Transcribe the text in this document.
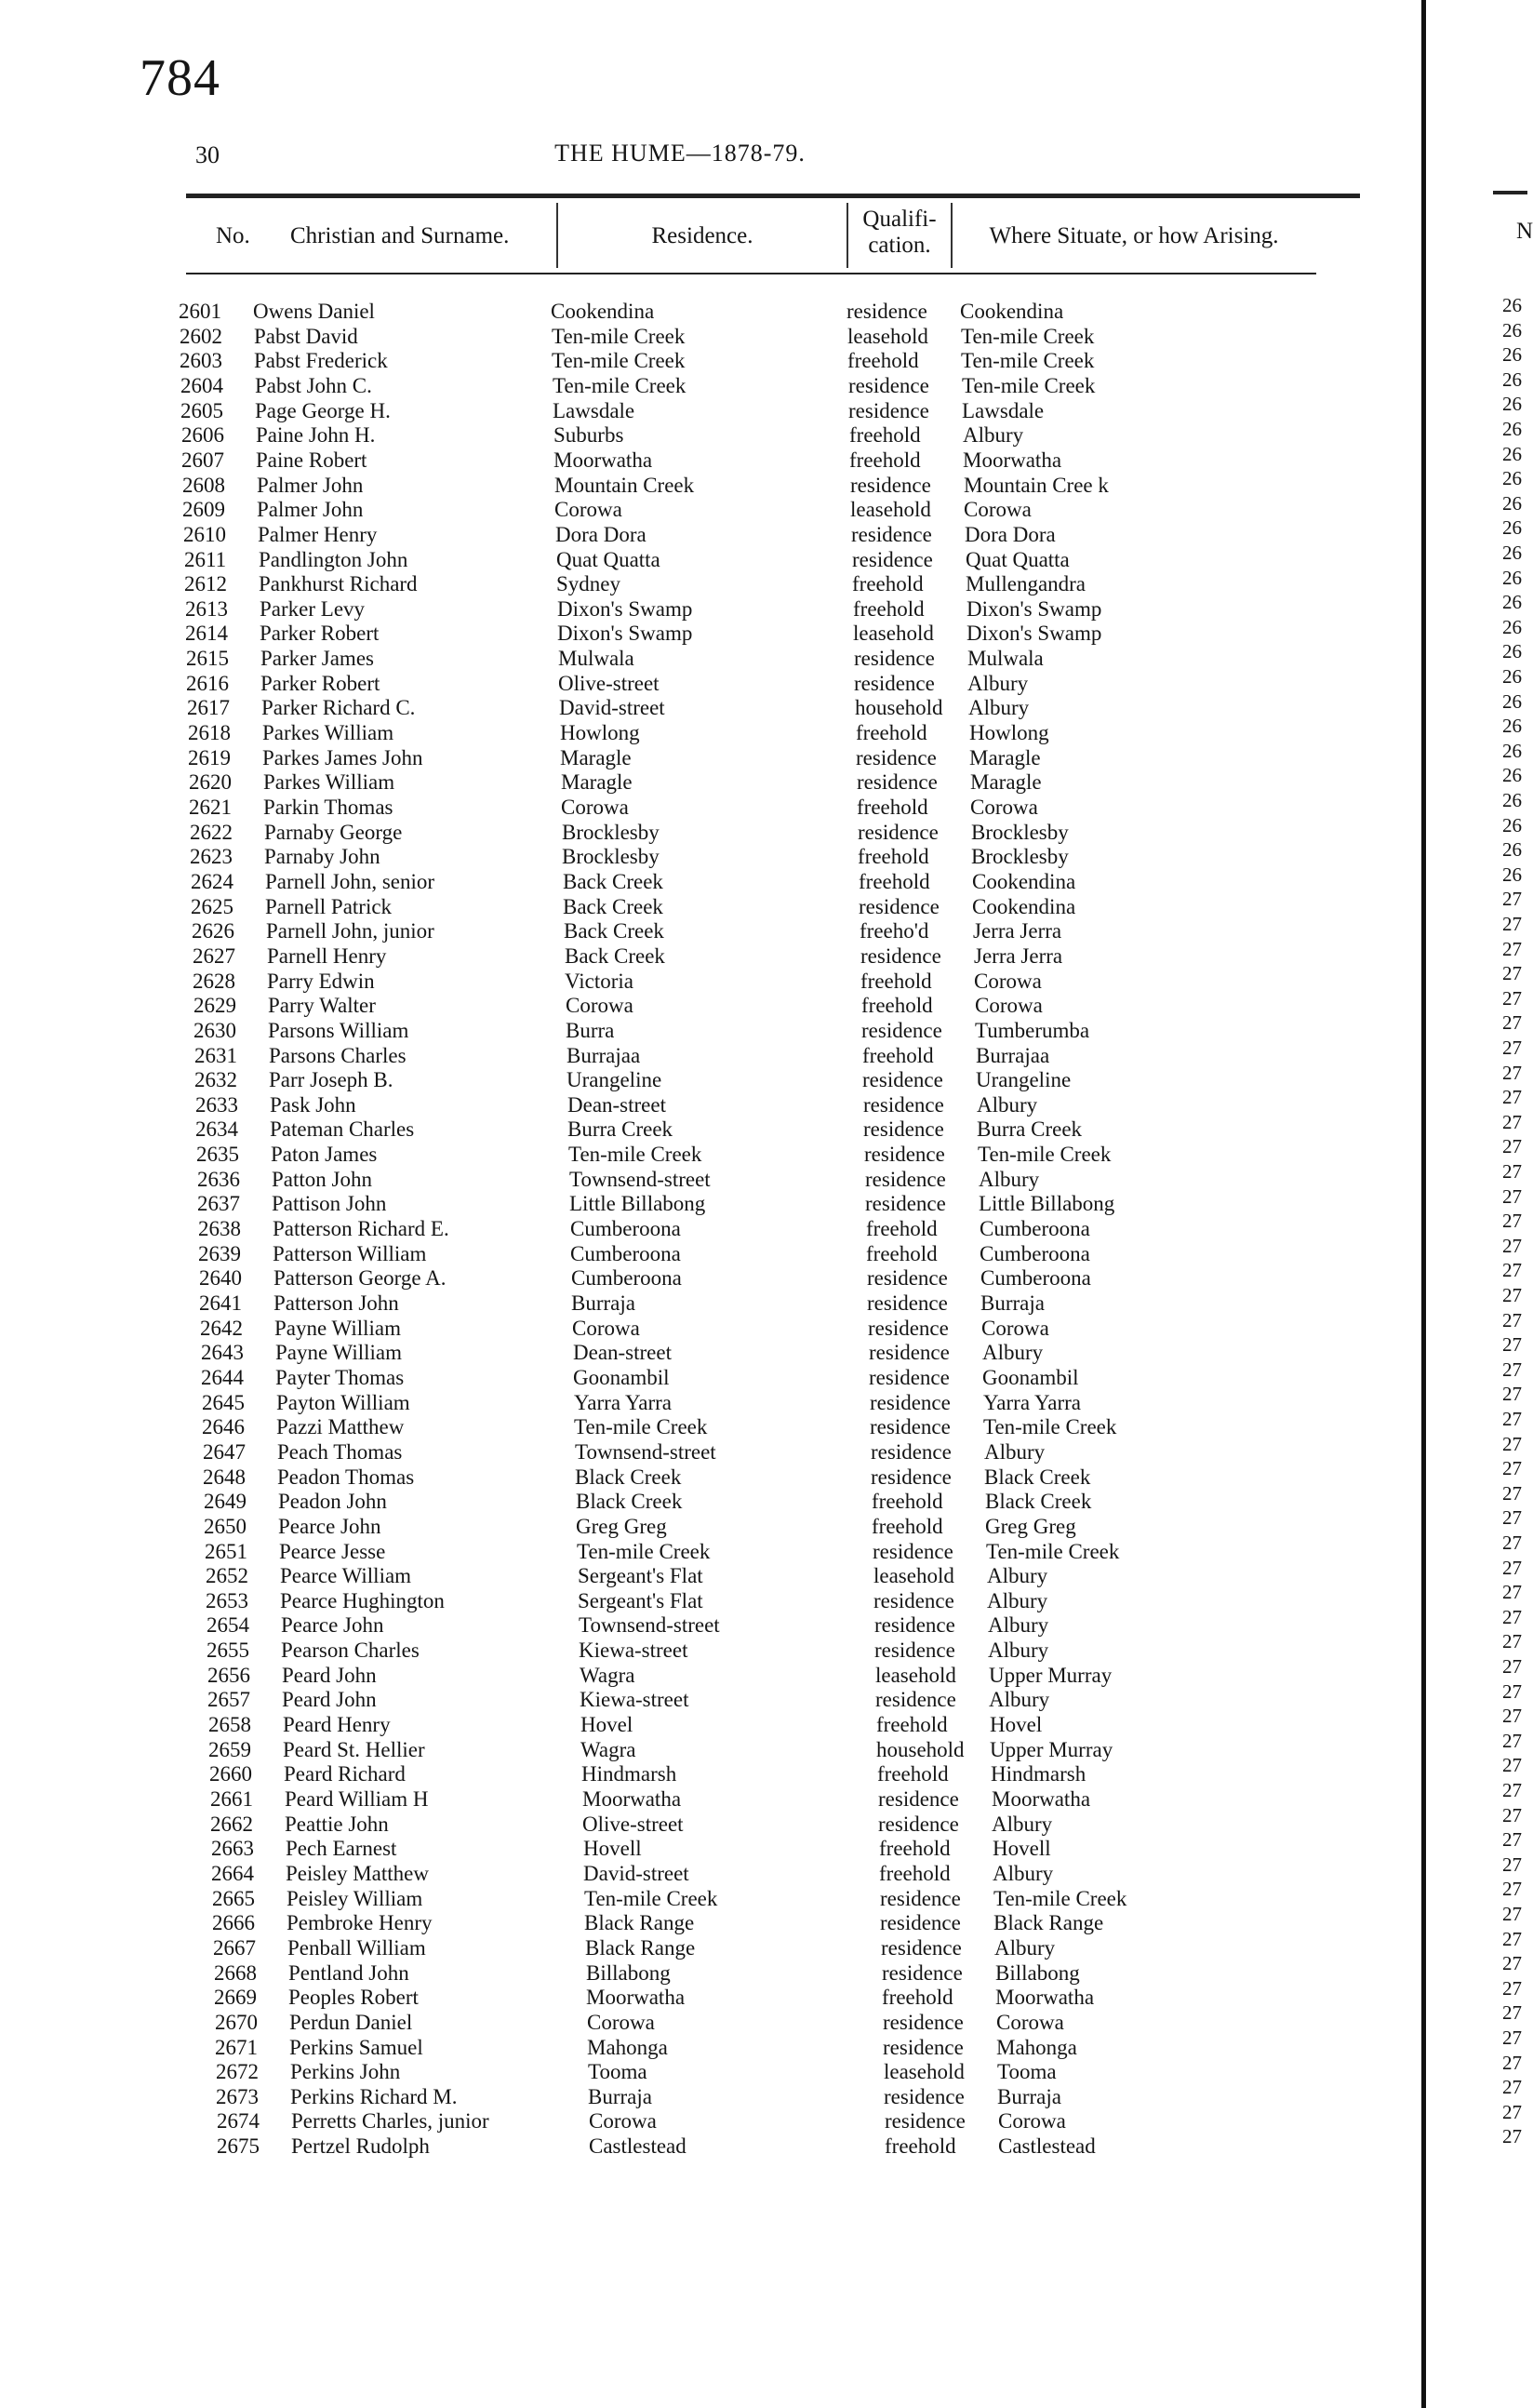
784
30	THE HUME—1878-79.
No. Christian and Surname.	Residence.
Qualifi-
cation.	Where Situate, or how Arising.	N
2601 Owens Daniel	Cookendina	residence Cookendina
2602 Pabst David	Ten-mile Creek	leasehold Ten-mile Creek
2603 Pabst Frederick	Ten-mile Creek	freehold Ten-mile Creek
2604 Pabst John C.	Ten-mile Creek	residence Ten-mile Creek
2605 Page George H.	Lawsdale	residence Lawsdale
2606 Paine John H.	Suburbs	freehold Albury
2607 Paine Robert	Moorwatha	freehold Moorwatha
2608 Palmer John	Mountain Creek	residence Mountain Cree k
2609 Palmer John	Corowa	leasehold Corowa
2610 Palmer Henry	Dora Dora	residence Dora Dora
2611 Pandlington John	Quat Quatta	residence Quat Quatta
2612 Pankhurst Richard	Sydney	freehold Mullengandra
2613 Parker Levy	Dixon's Swamp	freehold Dixon's Swamp
2614 Parker Robert	Dixon's Swamp	leasehold Dixon's Swamp
2615 Parker James	Mulwala	residence Mulwala
2616 Parker Robert	Olive-street	residence Albury
2617 Parker Richard C.	David-street	household Albury
2618 Parkes William	Howlong	freehold Howlong
2619 Parkes James John	Maragle	residence Maragle
2620 Parkes William	Maragle	residence Maragle
2621 Parkin Thomas	Corowa	freehold Corowa
2622 Parnaby George	Brocklesby	residence Brocklesby
2623 Parnaby John	Brocklesby	freehold Brocklesby
2624 Parnell John, senior	Back Creek	freehold Cookendina
2625 Parnell Patrick	Back Creek	residence Cookendina
2626 Parnell John, junior	Back Creek	freeho'd Jerra Jerra
2627 Parnell Henry	Back Creek	residence Jerra Jerra
2628 Parry Edwin	Victoria	freehold Corowa
2629 Parry Walter	Corowa	freehold Corowa
2630 Parsons William	Burra	residence Tumberumba
2631 Parsons Charles	Burrajaa	freehold Burrajaa
2632 Parr Joseph B.	Urangeline	residence Urangeline
2633 Pask John	Dean-street	residence Albury
2634 Pateman Charles	Burra Creek	residence Burra Creek
2635 Paton James	Ten-mile Creek	residence Ten-mile Creek
2636 Patton John	Townsend-street	residence Albury
2637 Pattison John	Little Billabong	residence Little Billabong
2638 Patterson Richard E.	Cumberoona	freehold Cumberoona
2639 Patterson William	Cumberoona	freehold Cumberoona
2640 Patterson George A.	Cumberoona	residence Cumberoona
2641 Patterson John	Burraja	residence Burraja
2642 Payne William	Corowa	residence Corowa
2643 Payne William	Dean-street	residence Albury
2644 Payter Thomas	Goonambil	residence Goonambil
2645 Payton William	Yarra Yarra	residence Yarra Yarra
2646 Pazzi Matthew	Ten-mile Creek	residence Ten-mile Creek
2647 Peach Thomas	Townsend-street	residence Albury
2648 Peadon Thomas	Black Creek	residence Black Creek
2649 Peadon John	Black Creek	freehold Black Creek
2650 Pearce John	Greg Greg	freehold Greg Greg
2651 Pearce Jesse	Ten-mile Creek	residence Ten-mile Creek
2652 Pearce William	Sergeant's Flat	leasehold Albury
2653 Pearce Hughington	Sergeant's Flat	residence Albury
2654 Pearce John	Townsend-street	residence Albury
2655 Pearson Charles	Kiewa-street	residence Albury
2656 Peard John	Wagra	leasehold Upper Murray
2657 Peard John	Kiewa-street	residence Albury
2658 Peard Henry	Hovel	freehold Hovel
2659 Peard St. Hellier	Wagra	household Upper Murray
2660 Peard Richard	Hindmarsh	freehold Hindmarsh
2661 Peard William H	Moorwatha	residence Moorwatha
2662 Peattie John	Olive-street	residence Albury
2663 Pech Earnest	Hovell	freehold Hovell
2664 Peisley Matthew	David-street	freehold Albury
2665 Peisley William	Ten-mile Creek	residence Ten-mile Creek
2666 Pembroke Henry	Black Range	residence Black Range
2667 Penball William	Black Range	residence Albury
2668 Pentland John	Billabong	residence Billabong
2669 Peoples Robert	Moorwatha	freehold Moorwatha
2670 Perdun Daniel	Corowa	residence Corowa
2671 Perkins Samuel	Mahonga	residence Mahonga
2672 Perkins John	Tooma	leasehold Tooma
2673 Perkins Richard M.	Burraja	residence Burraja
2674 Perretts Charles, junior	Corowa	residence Corowa
2675 Pertzel Rudolph	Castlestead	freehold Castlestead
26
26
26
26
26
26
26
26
26
26
26
26
26
26
26
26
26
26
26
26
26
26
26
26
27
27
27
27
27
27
27
27
27
27
27
27
27
27
27
27
27
27
27
27
27
27
27
27
27
27
27
27
27
27
27
27
27
27
27
27
27
27
27
27
27
27
27
27
27
27
27
27
27
27
27
